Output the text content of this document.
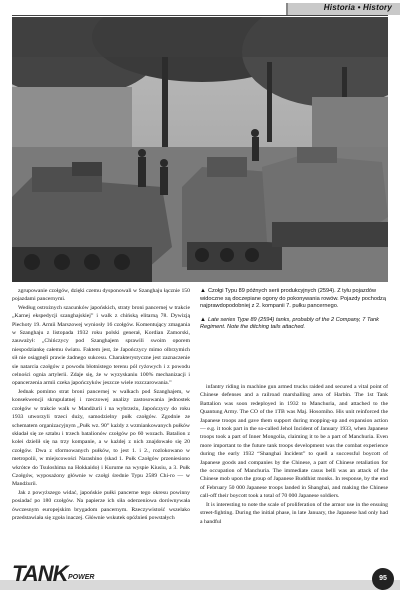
Historia • History

▲ Czołgi Typu 89 późnych serii produkcyjnych (2594). Z tyłu pojazdów widoczne są doczepiane ogony do pokonywania rowów. Pojazdy pochodzą najprawdopodobniej z 2. kompanii 7. pułku pancernego.

▲ Late series Type 89 (2594) tanks, probably of the 2 Company, 7 Tank Regiment. Note the ditching tails attached.

zgrupowanie czołgów, dzięki czemu dysponowali w Szanghaju łącznie 150 pojazdami pancernymi.

Według ostrożnych szacunków japońskich, straty broni pancernej w trakcie „Karnej ekspedycji szanghajskiej” i walk z chińską elitarną 78. Dywizją Piechoty 19. Armii Marszowej wyniosły 16 czołgów. Komentujący zmagania w Szanghaju z listopada 1932 roku polski generał, Kordian Zamorski, zauważył: „Chińczycy pod Szanghajem sprawili swoim oporem niespodziankę całemu światu. Faktem jest, że Japończycy mimo olbrzymich sił nie osiągnęli prawie żadnego sukcesu. Charakterystyczne jest zaznaczenie sie natarcia czołgów z powodu błotnistego terenu pól ryżowych i z powodu celności ognia artylerii. Zdaje się, że w wyzyskaniu 100% mechanizacji i opancerzenia armii czeka japończyków jeszcze wiele rozczarowania.”

Jednak pomimo strat broni pancernej w walkach pod Szanghajem, w konsekwencji skrupulatnej i rzeczowej analizy zastosowania jednostek czołgów w trakcie walk w Mandżurii i na wybrzeżu, Japończycy do roku 1933 utworzyli trzeci duży, samodzielny pułk czołgów. Zgodnie ze schematem organizacyjnym „Pułk wz. 90” każdy z wzmiankowanych pułków składał się ze sztabu i trzech batalionów czołgów po 60 wozach. Batalion z kolei dzielił się na trzy kompanie, a w każdej z nich znajdowało się 20 czołgów. Dwa z sformowanych pułków, to jest 1. i 2., rozlokowano w metropolii, w miejscowości Narashino (skad 1. Pułk Czołgów przeniesiono wkrótce do Tsuloshima na Hokkaido) i Kurume na wyspie Kiusiu, a 3. Pułk Czołgów, wyposażony głównie w czołgi średnie Typu 2589 Chi-ro — w Mandżurii.

Jak z powyższego widać, japońskie pułki pancerne tego okresu powinny posiadać po 180 czołgów. Na papierze ich siła oderzeniowa dorównywała ówczesnym europejskim brygadom pancernym. Rzeczywistość wszelako przedstawiała się zgoła inaczej. Głównie wskutek opóźnień powstałych

infantry riding in machine gun armed trucks raided and secured a vital point of Chinese defenses and a railroad marshalling area of Harbin. The 1st Tank Battalion was soon redeployed in 1932 to Manchuria, and attached to the Quantung Army. The CO of the 1TB was Maj. Hosomiho. His unit reinforced the Japanese troops and gave them support during mopping-up and expansion action — e.g. it took part in the so-called Jehol Incident of January 1933, when Japanese troops took a part of Inner Mongolia, claiming it to be a part of Manchuria. Even more important to the future tank troops development was the combat experience during the early 1932 “Shanghai Incident” to quell a successful boycott of Japanese goods and companies by the Chinese, a part of Chinese retaliation for the occupation of Manchuria. The immediate casus belli was an attack of the Chinese mob upon the group of Japanese Buddhist monks. In response, by the end of February 50 000 Japanese troops landed in Shanghai, and making the Chinese call-off their boycott took a total of 70 000 Japanese soldiers.

It is interesting to note the scale of proliferation of the armor use in the ensuing street-fighting. During the initial phase, in late January, the Japanese had only had a handful

TANK POWER	95
